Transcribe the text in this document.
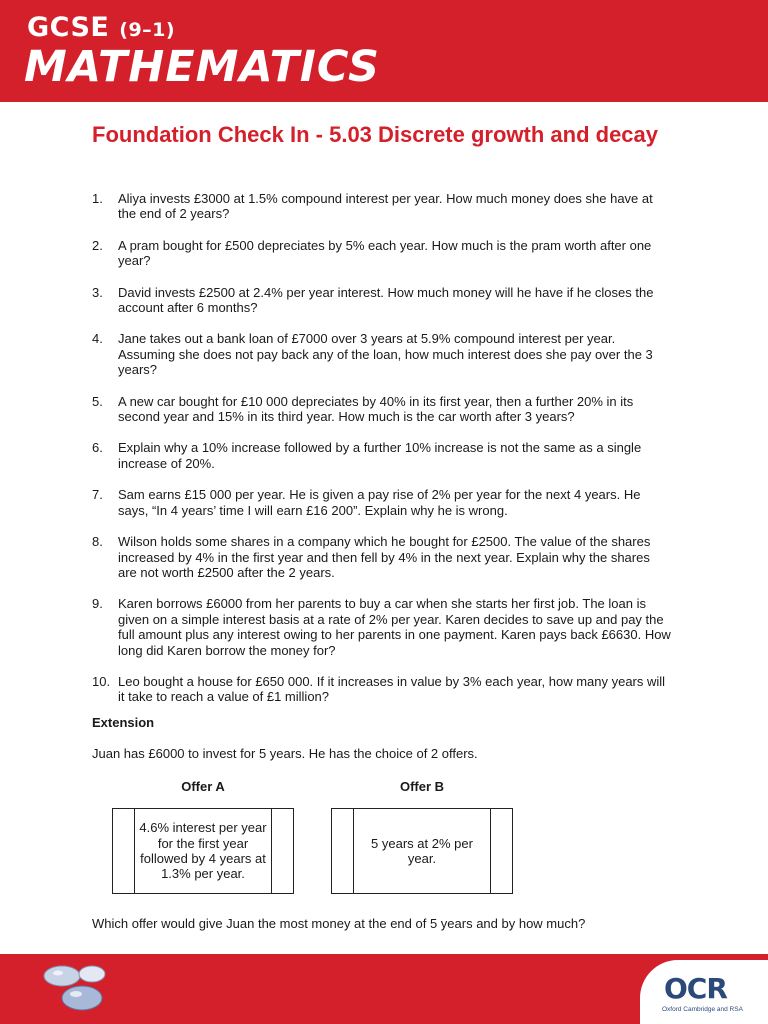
GCSE (9–1)
MATHEMATICS
Foundation Check In - 5.03 Discrete growth and decay
1. Aliya invests £3000 at 1.5% compound interest per year. How much money does she have at the end of 2 years?
2. A pram bought for £500 depreciates by 5% each year. How much is the pram worth after one year?
3. David invests £2500 at 2.4% per year interest. How much money will he have if he closes the account after 6 months?
4. Jane takes out a bank loan of £7000 over 3 years at 5.9% compound interest per year. Assuming she does not pay back any of the loan, how much interest does she pay over the 3 years?
5. A new car bought for £10 000 depreciates by 40% in its first year, then a further 20% in its second year and 15% in its third year. How much is the car worth after 3 years?
6. Explain why a 10% increase followed by a further 10% increase is not the same as a single increase of 20%.
7. Sam earns £15 000 per year. He is given a pay rise of 2% per year for the next 4 years. He says, “In 4 years’ time I will earn £16 200”. Explain why he is wrong.
8. Wilson holds some shares in a company which he bought for £2500. The value of the shares increased by 4% in the first year and then fell by 4% in the next year. Explain why the shares are not worth £2500 after the 2 years.
9. Karen borrows £6000 from her parents to buy a car when she starts her first job. The loan is given on a simple interest basis at a rate of 2% per year. Karen decides to save up and pay the full amount plus any interest owing to her parents in one payment. Karen pays back £6630. How long did Karen borrow the money for?
10. Leo bought a house for £650 000. If it increases in value by 3% each year, how many years will it take to reach a value of £1 million?
Extension
Juan has £6000 to invest for 5 years. He has the choice of 2 offers.
Offer A	Offer B
4.6% interest per year for the first year followed by 4 years at 1.3% per year.
5 years at 2% per year.
Which offer would give Juan the most money at the end of 5 years and by how much?
OCR
Oxford Cambridge and RSA
